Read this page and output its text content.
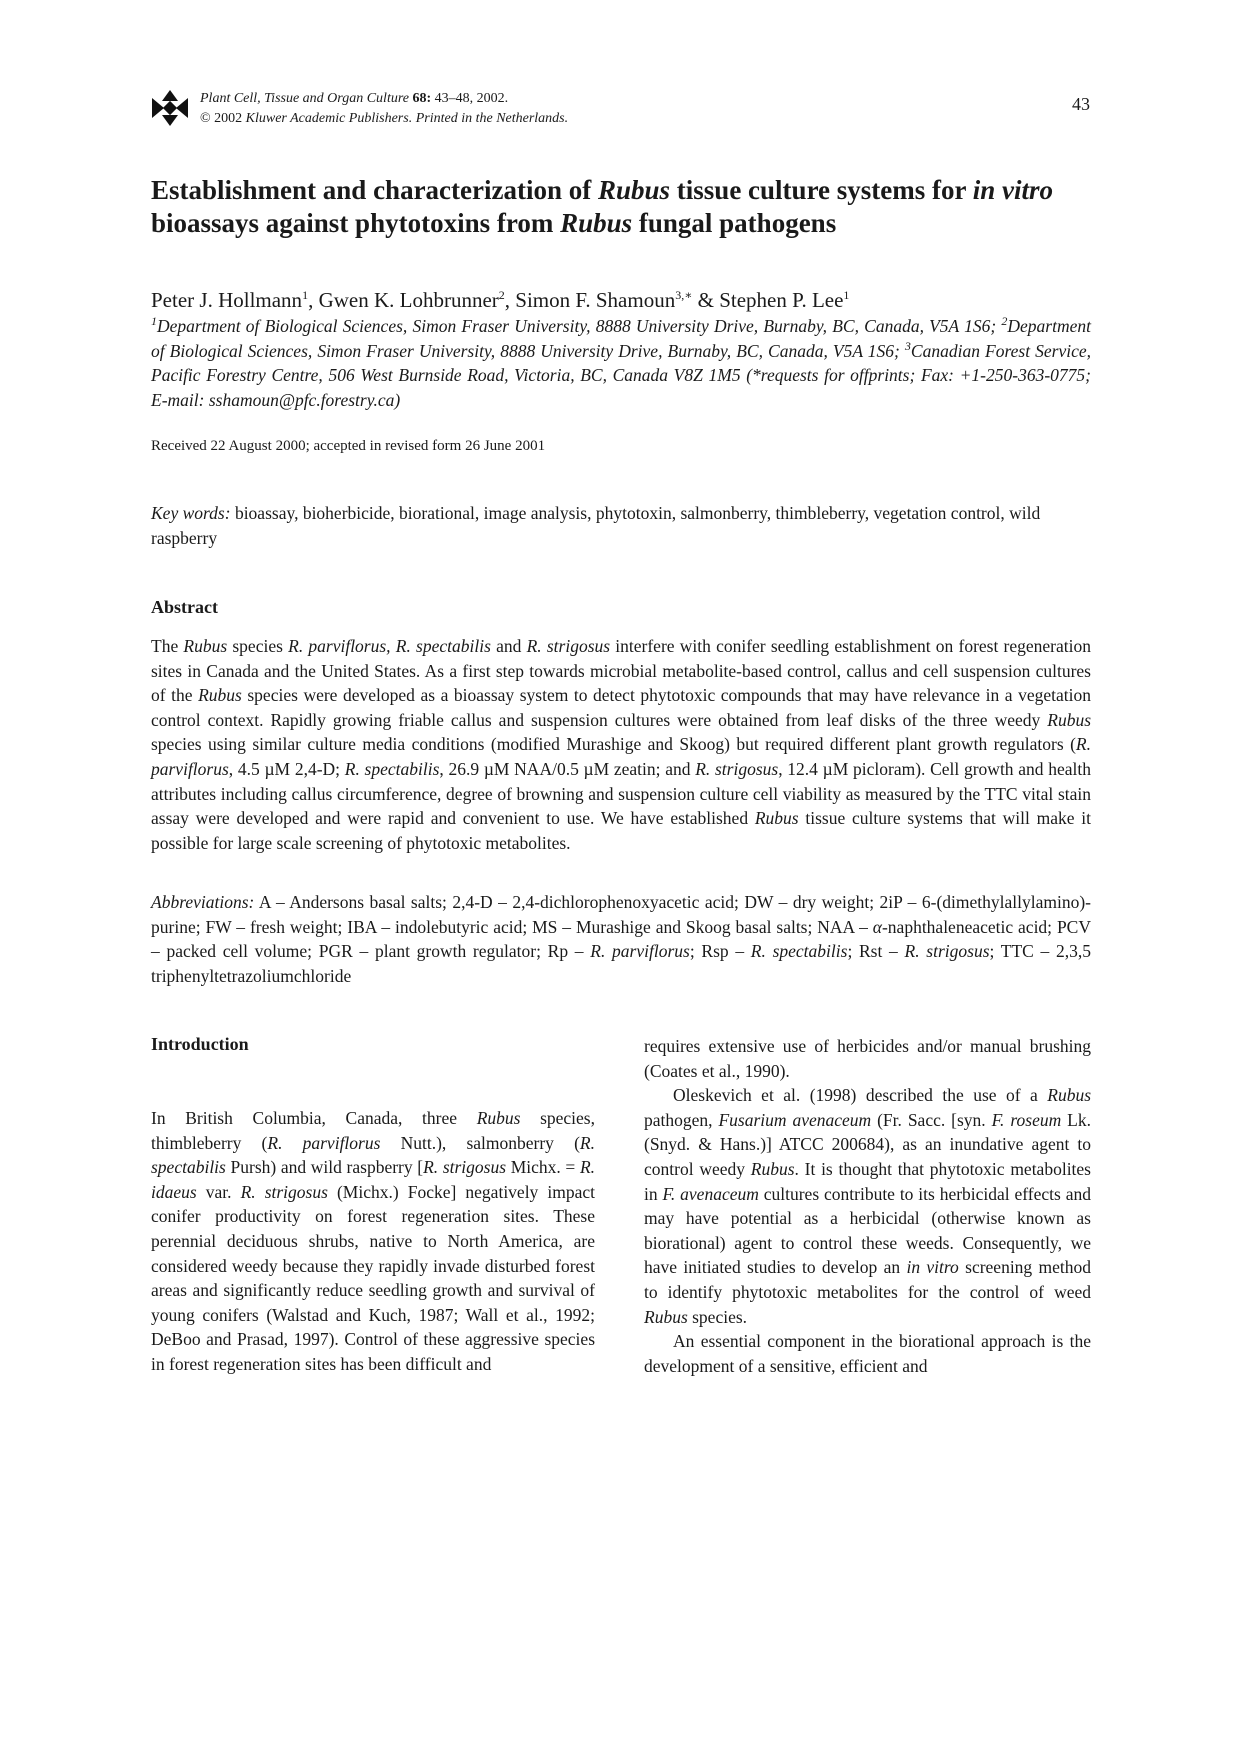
Plant Cell, Tissue and Organ Culture 68: 43–48, 2002.
© 2002 Kluwer Academic Publishers. Printed in the Netherlands.
43
Establishment and characterization of Rubus tissue culture systems for in vitro bioassays against phytotoxins from Rubus fungal pathogens
Peter J. Hollmann$^1$, Gwen K. Lohbrunner$^2$, Simon F. Shamoun$^{3,∗}$ & Stephen P. Lee$^1$
$^1$Department of Biological Sciences, Simon Fraser University, 8888 University Drive, Burnaby, BC, Canada, V5A 1S6; $^2$Department of Biological Sciences, Simon Fraser University, 8888 University Drive, Burnaby, BC, Canada, V5A 1S6; $^3$Canadian Forest Service, Pacific Forestry Centre, 506 West Burnside Road, Victoria, BC, Canada V8Z 1M5 (*requests for offprints; Fax: +1-250-363-0775; E-mail: sshamoun@pfc.forestry.ca)
Received 22 August 2000; accepted in revised form 26 June 2001
Key words: bioassay, bioherbicide, biorational, image analysis, phytotoxin, salmonberry, thimbleberry, vegetation control, wild raspberry
Abstract

The Rubus species R. parviflorus, R. spectabilis and R. strigosus interfere with conifer seedling establishment on forest regeneration sites in Canada and the United States. As a first step towards microbial metabolite-based control, callus and cell suspension cultures of the Rubus species were developed as a bioassay system to detect phytotoxic compounds that may have relevance in a vegetation control context. Rapidly growing friable callus and suspension cultures were obtained from leaf disks of the three weedy Rubus species using similar culture media conditions (modified Murashige and Skoog) but required different plant growth regulators (R. parviflorus, 4.5 µM 2,4-D; R. spectabilis, 26.9 µM NAA/0.5 µM zeatin; and R. strigosus, 12.4 µM picloram). Cell growth and health attributes including callus circumference, degree of browning and suspension culture cell viability as measured by the TTC vital stain assay were developed and were rapid and convenient to use. We have established Rubus tissue culture systems that will make it possible for large scale screening of phytotoxic metabolites.

Abbreviations: A – Andersons basal salts; 2,4-D – 2,4-dichlorophenoxyacetic acid; DW – dry weight; 2iP – 6-(dimethylallylamino)-purine; FW – fresh weight; IBA – indolebutyric acid; MS – Murashige and Skoog basal salts; NAA – α-naphthaleneacetic acid; PCV – packed cell volume; PGR – plant growth regulator; Rp – R. parviflorus; Rsp – R. spectabilis; Rst – R. strigosus; TTC – 2,3,5 triphenyltetrazoliumchloride

Introduction

In British Columbia, Canada, three Rubus species, thimbleberry (R. parviflorus Nutt.), salmonberry (R. spectabilis Pursh) and wild raspberry [R. strigosus Michx. = R. idaeus var. R. strigosus (Michx.) Focke] negatively impact conifer productivity on forest regeneration sites. These perennial deciduous shrubs, native to North America, are considered weedy because they rapidly invade disturbed forest areas and significantly reduce seedling growth and survival of young conifers (Walstad and Kuch, 1987; Wall et al., 1992; DeBoo and Prasad, 1997). Control of these aggressive species in forest regeneration sites has been difficult and

requires extensive use of herbicides and/or manual brushing (Coates et al., 1990).

Oleskevich et al. (1998) described the use of a Rubus pathogen, Fusarium avenaceum (Fr. Sacc. [syn. F. roseum Lk. (Snyd. & Hans.)] ATCC 200684), as an inundative agent to control weedy Rubus. It is thought that phytotoxic metabolites in F. avenaceum cultures contribute to its herbicidal effects and may have potential as a herbicidal (otherwise known as biorational) agent to control these weeds. Consequently, we have initiated studies to develop an in vitro screening method to identify phytotoxic metabolites for the control of weed Rubus species.

An essential component in the biorational approach is the development of a sensitive, efficient and
